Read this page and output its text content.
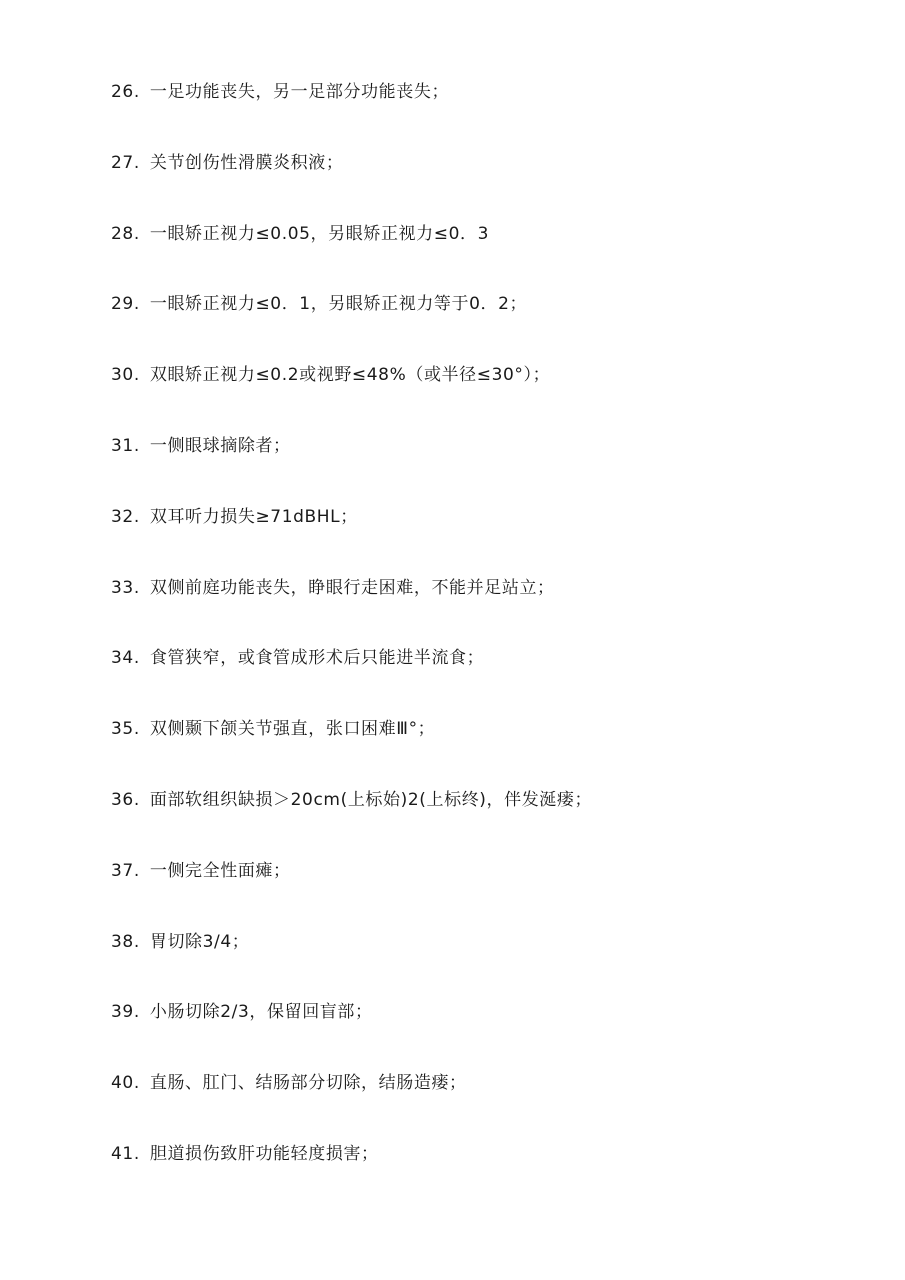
26. 一足功能丧失，另一足部分功能丧失；
27. 关节创伤性滑膜炎积液；
28. 一眼矫正视力≤0.05，另眼矫正视力≤0．3
29. 一眼矫正视力≤0．1，另眼矫正视力等于0．2；
30. 双眼矫正视力≤0.2或视野≤48%（或半径≤30°）；
31. 一侧眼球摘除者；
32. 双耳听力损失≥71dBHL；
33. 双侧前庭功能丧失，睁眼行走困难，不能并足站立；
34. 食管狭窄，或食管成形术后只能进半流食；
35. 双侧颞下颌关节强直，张口困难Ⅲ°；
36. 面部软组织缺损＞20cm(上标始)2(上标终)，伴发涎瘘；
37. 一侧完全性面瘫；
38. 胃切除3/4；
39. 小肠切除2/3，保留回盲部；
40. 直肠、肛门、结肠部分切除，结肠造瘘；
41. 胆道损伤致肝功能轻度损害；
